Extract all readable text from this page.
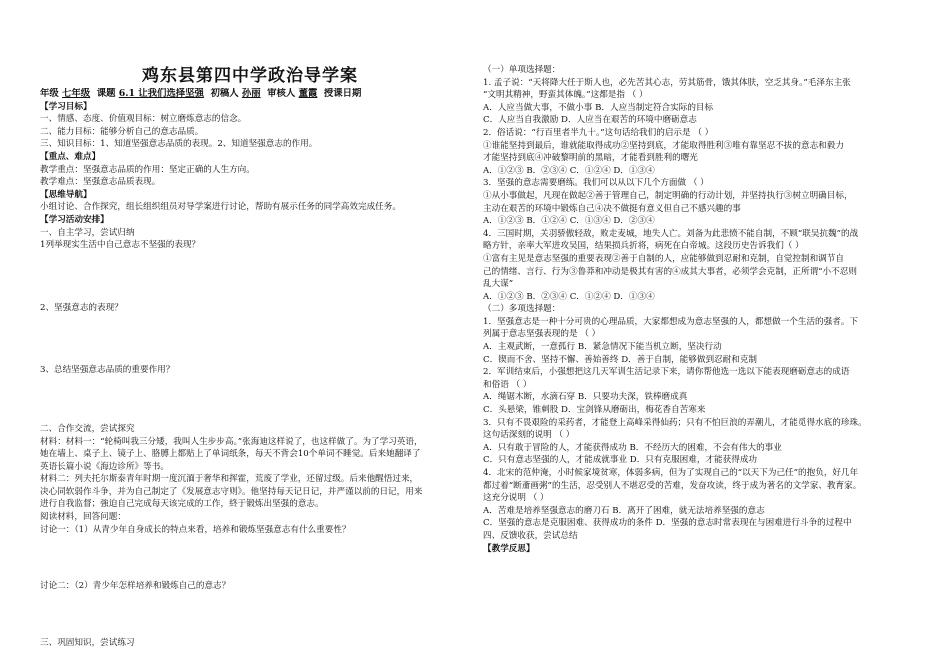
鸡东县第四中学政治导学案
年级 七年级 课题 6.1 让我们选择坚强 初稿人 孙丽 审核人 董霞 授课日期
【学习目标】
一、情感、态度、价值观目标：树立磨炼意志的信念。
二、能力目标：能够分析自己的意志品质。
三、知识目标：1、知道坚强意志品质的表现。2、知道坚强意志的作用。
【重点、难点】
教学重点：坚强意志品质的作用：坚定正确的人生方向。
教学难点：坚强意志品质表现。
【思维导航】
小组讨论、合作探究，组长组织组员对导学案进行讨论，帮助有展示任务的同学高效完成任务。
【学习活动安排】
一、自主学习，尝试归纳
1列举现实生活中自己意志不坚强的表现？
2、坚强意志的表现？
3、总结坚强意志品质的重要作用？
二、合作交流，尝试探究
材料：材料一：“轮椅叫我三分矮，我叫人生步步高。”张海迪这样说了，也这样做了。为了学习英语，
她在墙上、桌子上、镜子上、胳膊上都贴上了单词纸条，每天不背会10个单词不睡觉。后来她翻译了
英语长篇小说《海边诊所》等书。
材料二：列夫托尔斯泰青年时期一度沉湎于奢华和挥霍，荒废了学业，还留过级。后来他醒悟过来，
决心同软弱作斗争，并为自己制定了《发展意志守则》。他坚持每天记日记，并严谨以前的日记，用来
进行自我监督；強迫自己完成每天该完成的工作，終于锻炼出坚强的意志。
阅读材料，回答问题：
讨论一：（1）从青少年自身成长的特点来看，培养和锻炼坚强意志有什么重要性？
讨论二：（2）青少年怎样培养和锻炼自己的意志？
三、巩固知识，尝试练习
（一）单项选择题：
1. 孟子说：“天将降大任于斯人也，必先苦其心志，劳其筋骨，饿其体肤，空乏其身。”毛泽东主张
“文明其精神，野蛮其体魄。”这都是指 （ ）
A．人应当做大事，不做小事 B．人应当制定符合实际的目标
C．人应当自我激励 D．人应当在艰苦的环境中磨砺意志
2．俗话说：“行百里者半九十。”这句话给我们的启示是 （ ）
①谁能坚持到最后，谁就能取得成功②坚持到底，才能取得胜利③唯有靠坚忍不拔的意志和毅力
才能坚持到底④冲破黎明前的黑暗，才能看到胜利的曙光
A．①②③ B．②③④ C．①②④ D．①③④
3．坚强的意志需要磨练。我们可以从以下几个方面做 （ ）
①从小事做起，凡现在做起②善于管理自己，制定明确的行动计划，并坚持执行③树立明确目标，
主动在艰苦的环境中锻炼自己④决不做挺有意义但自己不感兴趣的事
A．①②③ B．①②④ C．①③④ D．②③④
4．三国时期，关羽骄傲轻敌，败走麦城，地失人亡。刘备为此悲愤不能自制，不顾“联吴抗魏”的战
略方针，亲率大军进攻吴国，结果损兵折将，病死在白帝城。这段历史告诉我们（ ）
①富有主见是意志坚强的重要表现②善于自制的人，应能够做到忍耐和克制，自觉控制和调节自
己的情绪、言行、行为③鲁莽和冲动是极其有害的④成其大事者，必须学会克制，正所谓“小不忍则
乱大谋”
A．①②③ B．②③④ C．①②④ D．①③④
（二）多项选择题：
1．坚强意志是一种十分可贵的心理品质，大家都想成为意志坚强的人，都想做一个生活的强者。下
列属于意志坚强表现的是 （ ）
A．主观武断，一意孤行 B．紧急情况下能当机立断，坚决行动
C．锲而不舍、坚持不懈、善始善终 D．善于自制，能够做到忍耐和克制
2．军训结束后，小强想把这几天军训生活记录下来，请你帮他选一选以下能表现磨砺意志的成语
和俗语 （ ）
A．绳锯木断，水滴石穿 B．只要功夫深，铁棒磨成真
C．头悬梁，锥刺股 D．宝剑锋从磨砺出，梅花香自苦寒来
3．只有不畏艰险的采药者，才能登上高峰采得仙药；只有不怕巨浪的弄潮儿，才能觅得水底的珍珠。
这句话深刻的说明 （ ）
A．只有敢于冒险的人，才能获得成功 B．不经历大的困难，不会有伟大的事业
C．只有意志坚强的人，才能成就事业 D．只有克服困难，才能获得成功
4．北宋的范仲淹，小时候家境贫寒，体弱多病，但为了实现自己的“以天下为己任”的抱负，好几年
都过着“断齑画粥”的生活，忍受别人不堪忍受的苦难，发奋攻读，终于成为著名的文学家、教育家。
这充分说明 （ ）
A．苦难是培养坚强意志的磨刀石 B．离开了困难，就无法培养坚强的意志
C．坚强的意志是克服困难、获得成功的条件 D．坚强的意志时常表现在与困难进行斗争的过程中
四、反馈收获，尝试总结
【教学反思】
